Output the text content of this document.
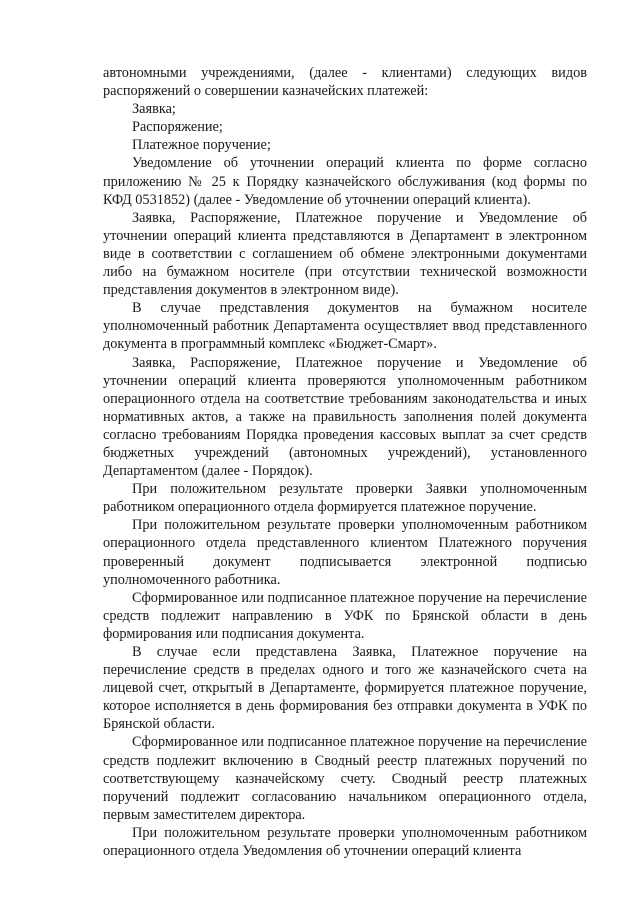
автономными учреждениями, (далее - клиентами) следующих видов распоряжений о совершении казначейских платежей:

Заявка;

Распоряжение;

Платежное поручение;

Уведомление об уточнении операций клиента по форме согласно приложению № 25 к Порядку казначейского обслуживания (код формы по КФД 0531852) (далее - Уведомление об уточнении операций клиента).

Заявка, Распоряжение, Платежное поручение и Уведомление об уточнении операций клиента представляются в Департамент в электронном виде в соответствии с соглашением об обмене электронными документами либо на бумажном носителе (при отсутствии технической возможности представления документов в электронном виде).

В случае представления документов на бумажном носителе уполномоченный работник Департамента осуществляет ввод представленного документа в программный комплекс «Бюджет-Смарт».

Заявка, Распоряжение, Платежное поручение и Уведомление об уточнении операций клиента проверяются уполномоченным работником операционного отдела на соответствие требованиям законодательства и иных нормативных актов, а также на правильность заполнения полей документа согласно требованиям Порядка проведения кассовых выплат за счет средств бюджетных учреждений (автономных учреждений), установленного Департаментом (далее - Порядок).

При положительном результате проверки Заявки уполномоченным работником операционного отдела формируется платежное поручение.

При положительном результате проверки уполномоченным работником операционного отдела представленного клиентом Платежного поручения проверенный документ подписывается электронной подписью уполномоченного работника.

Сформированное или подписанное платежное поручение на перечисление средств подлежит направлению в УФК по Брянской области в день формирования или подписания документа.

В случае если представлена Заявка, Платежное поручение на перечисление средств в пределах одного и того же казначейского счета на лицевой счет, открытый в Департаменте, формируется платежное поручение, которое исполняется в день формирования без отправки документа в УФК по Брянской области.

Сформированное или подписанное платежное поручение на перечисление средств подлежит включению в Сводный реестр платежных поручений по соответствующему казначейскому счету. Сводный реестр платежных поручений подлежит согласованию начальником операционного отдела, первым заместителем директора.

При положительном результате проверки уполномоченным работником операционного отдела Уведомления об уточнении операций клиента
